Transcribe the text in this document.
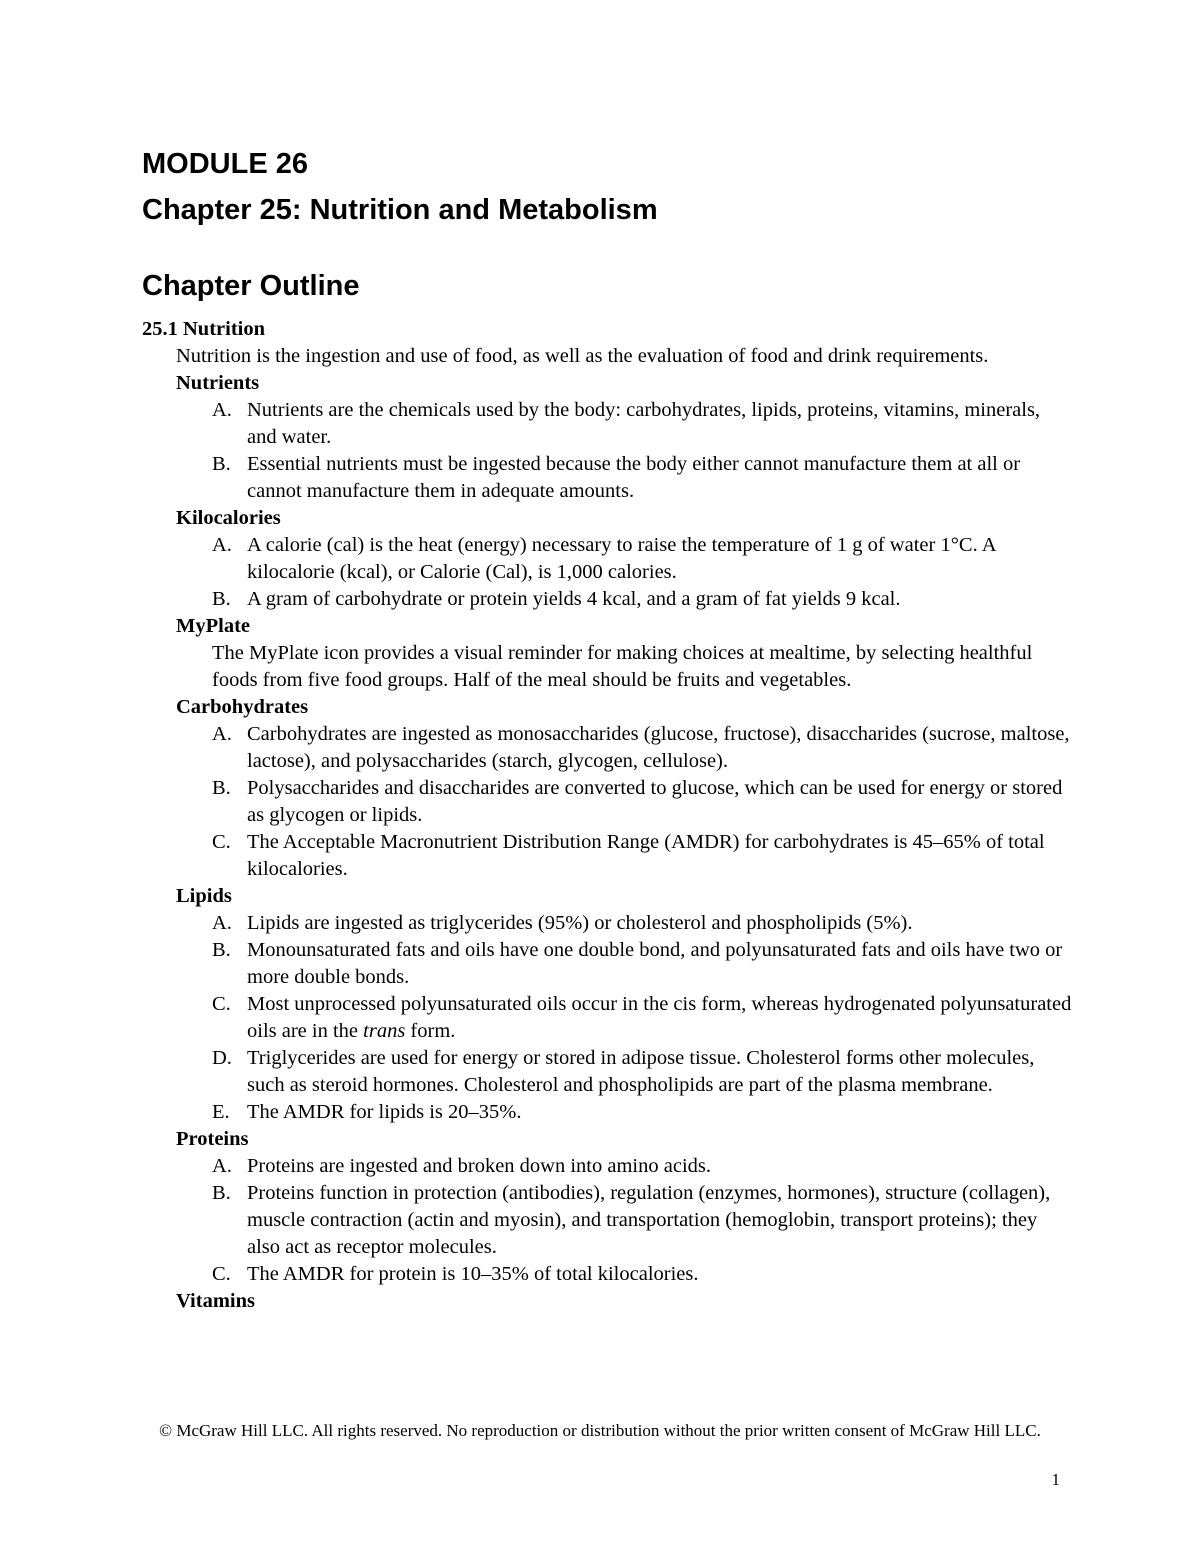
MODULE 26
Chapter 25: Nutrition and Metabolism
Chapter Outline

25.1 Nutrition

Nutrition is the ingestion and use of food, as well as the evaluation of food and drink requirements.

Nutrients

A. Nutrients are the chemicals used by the body: carbohydrates, lipids, proteins, vitamins, minerals, and water.
B. Essential nutrients must be ingested because the body either cannot manufacture them at all or cannot manufacture them in adequate amounts.

Kilocalories

A. A calorie (cal) is the heat (energy) necessary to raise the temperature of 1 g of water 1°C. A kilocalorie (kcal), or Calorie (Cal), is 1,000 calories.
B. A gram of carbohydrate or protein yields 4 kcal, and a gram of fat yields 9 kcal.

MyPlate

The MyPlate icon provides a visual reminder for making choices at mealtime, by selecting healthful foods from five food groups. Half of the meal should be fruits and vegetables.

Carbohydrates

A. Carbohydrates are ingested as monosaccharides (glucose, fructose), disaccharides (sucrose, maltose, lactose), and polysaccharides (starch, glycogen, cellulose).
B. Polysaccharides and disaccharides are converted to glucose, which can be used for energy or stored as glycogen or lipids.
C. The Acceptable Macronutrient Distribution Range (AMDR) for carbohydrates is 45–65% of total kilocalories.

Lipids

A. Lipids are ingested as triglycerides (95%) or cholesterol and phospholipids (5%).
B. Monounsaturated fats and oils have one double bond, and polyunsaturated fats and oils have two or more double bonds.
C. Most unprocessed polyunsaturated oils occur in the cis form, whereas hydrogenated polyunsaturated oils are in the trans form.
D. Triglycerides are used for energy or stored in adipose tissue. Cholesterol forms other molecules, such as steroid hormones. Cholesterol and phospholipids are part of the plasma membrane.
E. The AMDR for lipids is 20–35%.

Proteins

A. Proteins are ingested and broken down into amino acids.
B. Proteins function in protection (antibodies), regulation (enzymes, hormones), structure (collagen), muscle contraction (actin and myosin), and transportation (hemoglobin, transport proteins); they also act as receptor molecules.
C. The AMDR for protein is 10–35% of total kilocalories.

Vitamins

© McGraw Hill LLC. All rights reserved. No reproduction or distribution without the prior written consent of McGraw Hill LLC.
1
